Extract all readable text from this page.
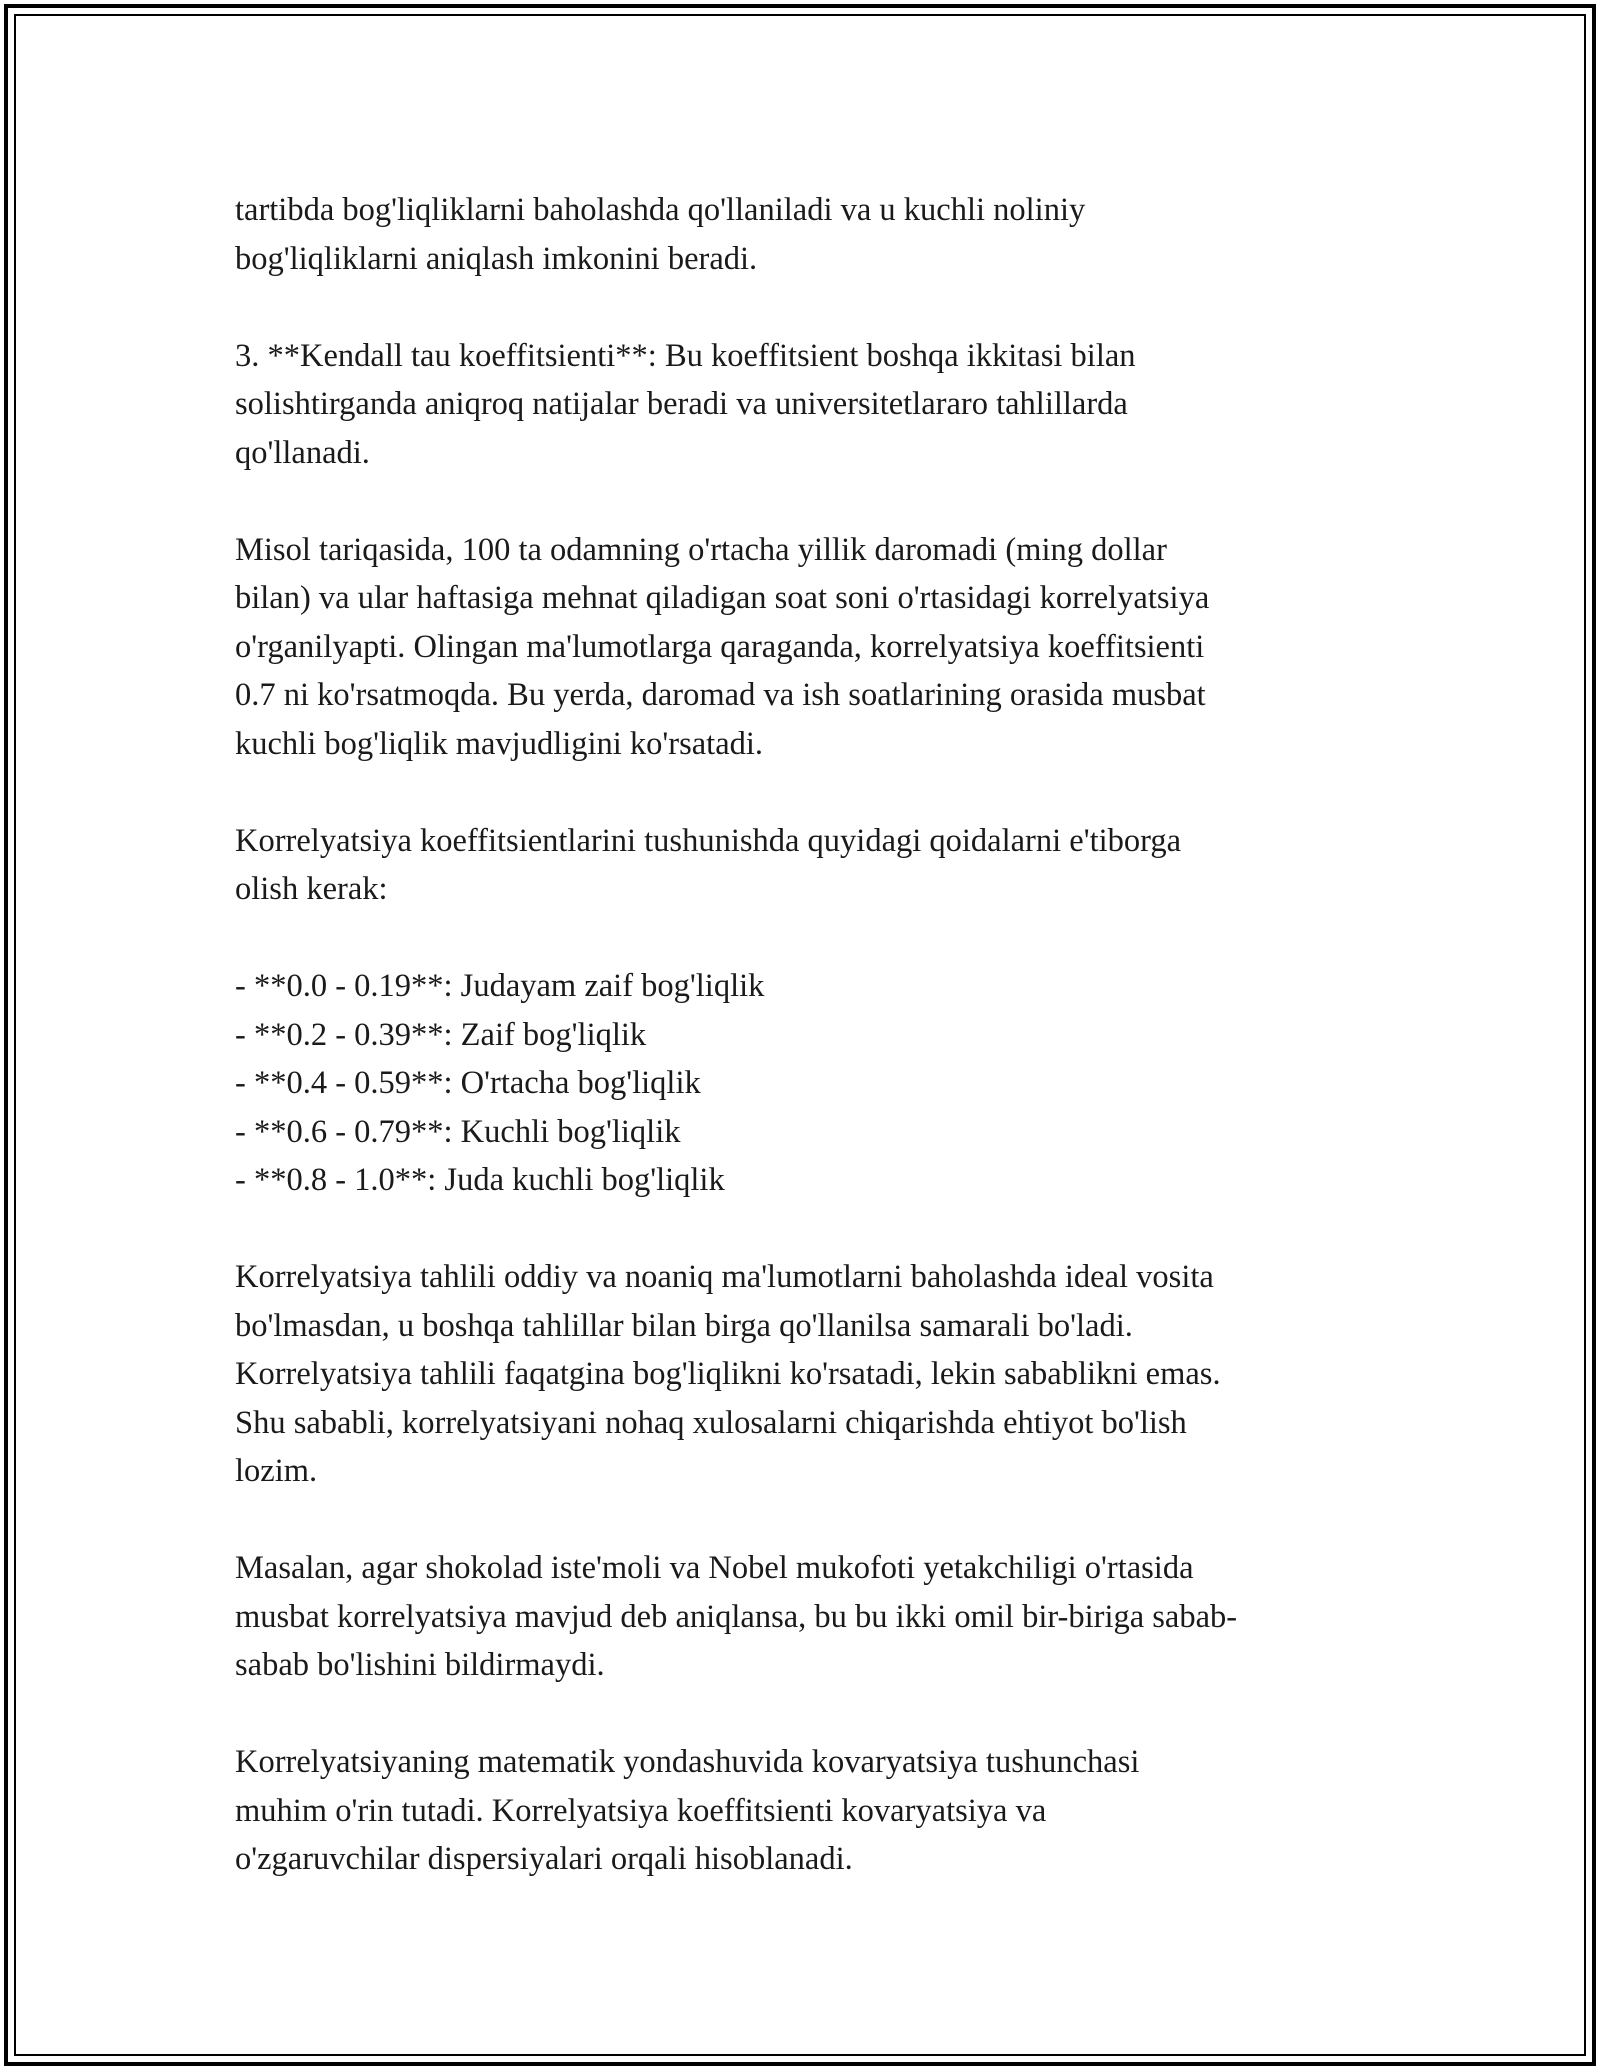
tartibda bog'liqliklarni baholashda qo'llaniladi va u kuchli noliniy
bog'liqliklarni aniqlash imkonini beradi.

3. **Kendall tau koeffitsienti**: Bu koeffitsient boshqa ikkitasi bilan
solishtirganda aniqroq natijalar beradi va universitetlararo tahlillarda
qo'llanadi.

Misol tariqasida, 100 ta odamning o'rtacha yillik daromadi (ming dollar
bilan) va ular haftasiga mehnat qiladigan soat soni o'rtasidagi korrelyatsiya
o'rganilyapti. Olingan ma'lumotlarga qaraganda, korrelyatsiya koeffitsienti
0.7 ni ko'rsatmoqda. Bu yerda, daromad va ish soatlarining orasida musbat
kuchli bog'liqlik mavjudligini ko'rsatadi.

Korrelyatsiya koeffitsientlarini tushunishda quyidagi qoidalarni e'tiborga
olish kerak:

- **0.0 - 0.19**: Judayam zaif bog'liqlik
- **0.2 - 0.39**: Zaif bog'liqlik
- **0.4 - 0.59**: O'rtacha bog'liqlik
- **0.6 - 0.79**: Kuchli bog'liqlik
- **0.8 - 1.0**: Juda kuchli bog'liqlik

Korrelyatsiya tahlili oddiy va noaniq ma'lumotlarni baholashda ideal vosita
bo'lmasdan, u boshqa tahlillar bilan birga qo'llanilsa samarali bo'ladi.
Korrelyatsiya tahlili faqatgina bog'liqlikni ko'rsatadi, lekin sabablikni emas.
Shu sababli, korrelyatsiyani nohaq xulosalarni chiqarishda ehtiyot bo'lish
lozim.

Masalan, agar shokolad iste'moli va Nobel mukofoti yetakchiligi o'rtasida
musbat korrelyatsiya mavjud deb aniqlansa, bu bu ikki omil bir-biriga sabab-
sabab bo'lishini bildirmaydi.

Korrelyatsiyaning matematik yondashuvida kovaryatsiya tushunchasi
muhim o'rin tutadi. Korrelyatsiya koeffitsienti kovaryatsiya va
o'zgaruvchilar dispersiyalari orqali hisoblanadi.
